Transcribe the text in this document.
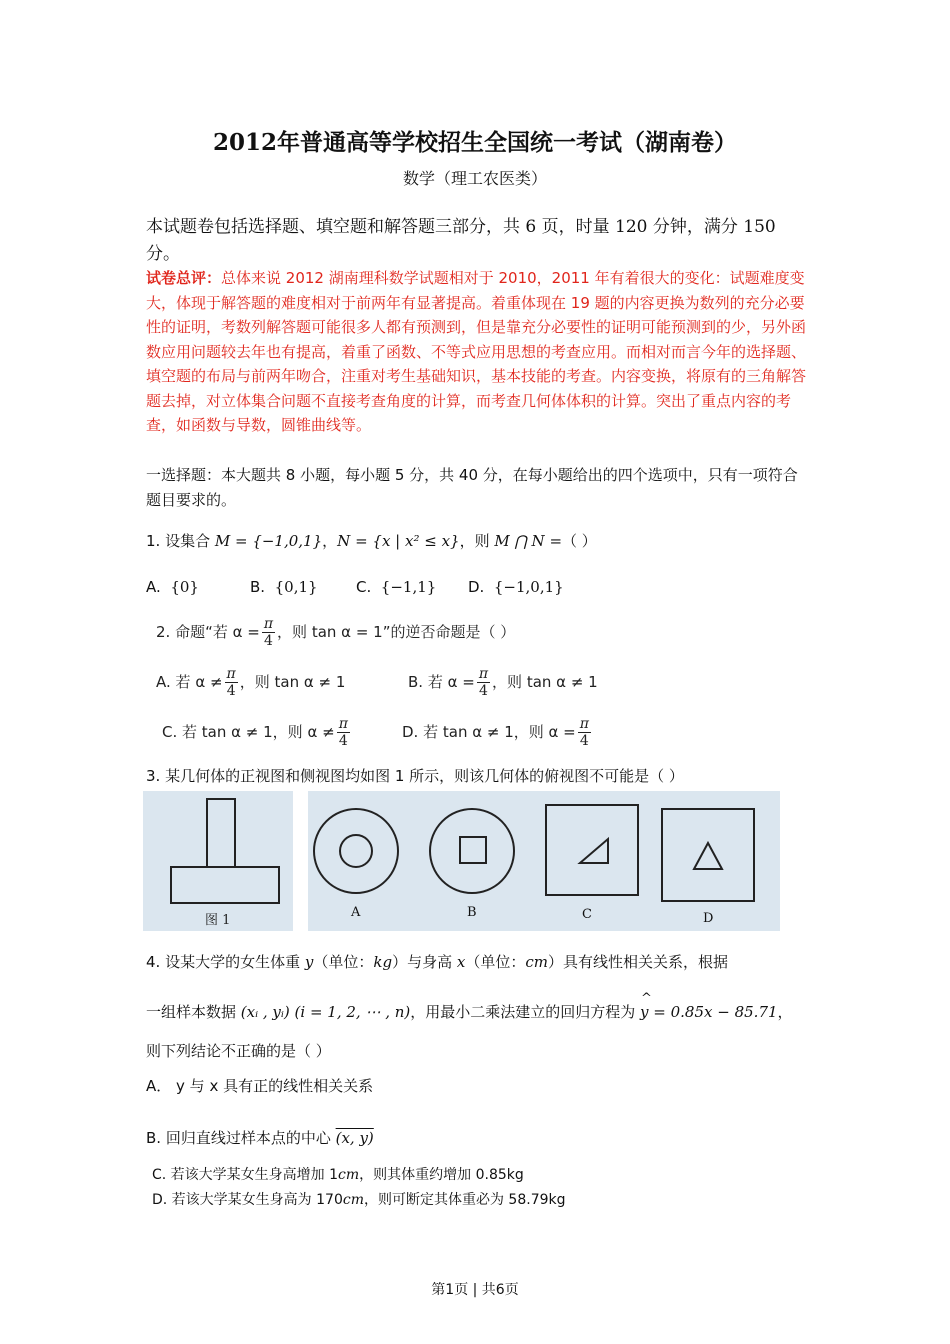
2012年普通高等学校招生全国统一考试（湖南卷）
数学（理工农医类）
本试题卷包括选择题、填空题和解答题三部分，共 6 页，时量 120 分钟，满分 150 分。
试卷总评：总体来说 2012 湖南理科数学试题相对于 2010，2011 年有着很大的变化：试题难度变大，体现于解答题的难度相对于前两年有显著提高。着重体现在 19 题的内容更换为数列的充分必要性的证明，考数列解答题可能很多人都有预测到，但是靠充分必要性的证明可能预测到的少，另外函数应用问题较去年也有提高，着重了函数、不等式应用思想的考查应用。而相对而言今年的选择题、填空题的布局与前两年吻合，注重对考生基础知识，基本技能的考查。内容变换，将原有的三角解答题去掉，对立体集合问题不直接考查角度的计算，而考查几何体体积的计算。突出了重点内容的考查，如函数与导数，圆锥曲线等。
一选择题：本大题共 8 小题，每小题 5 分，共 40 分，在每小题给出的四个选项中，只有一项符合题目要求的。
1. 设集合 M = {−1,0,1}，N = {x | x² ≤ x}，则 M ⋂ N =（ ）
A. {0}	B. {0,1}	C. {−1,1} D. {−1,0,1}
2. 命题“若 $\alpha = \frac{\pi}{4}$ ，则 tan α = 1”的逆否命题是（ ）
A. 若 $\alpha \ne \frac{\pi}{4}$ ，则 tan α ≠ 1	B. 若 $\alpha = \frac{\pi}{4}$ ，则 tan α ≠ 1
C. 若 tan α ≠ 1，则 $\alpha \ne \frac{\pi}{4}$	D. 若 tan α ≠ 1，则 $\alpha = \frac{\pi}{4}$
3. 某几何体的正视图和侧视图均如图 1 所示，则该几何体的俯视图不可能是（ ）
图 1
A	B	C	D
4. 设某大学的女生体重 y（单位：kg）与身高 x（单位：cm）具有线性相关关系，根据
一组样本数据 (xᵢ , yᵢ) (i = 1, 2, ⋯ , n)，用最小二乘法建立的回归方程为 ^ y = 0.85x − 85.71，
则下列结论不正确的是（ ）
A． y 与 x 具有正的线性相关关系
B. 回归直线过样本点的中心 (x, y)
C. 若该大学某女生身高增加 1cm，则其体重约增加 0.85kg
D. 若该大学某女生身高为 170cm，则可断定其体重必为 58.79kg
第1页 | 共6页
